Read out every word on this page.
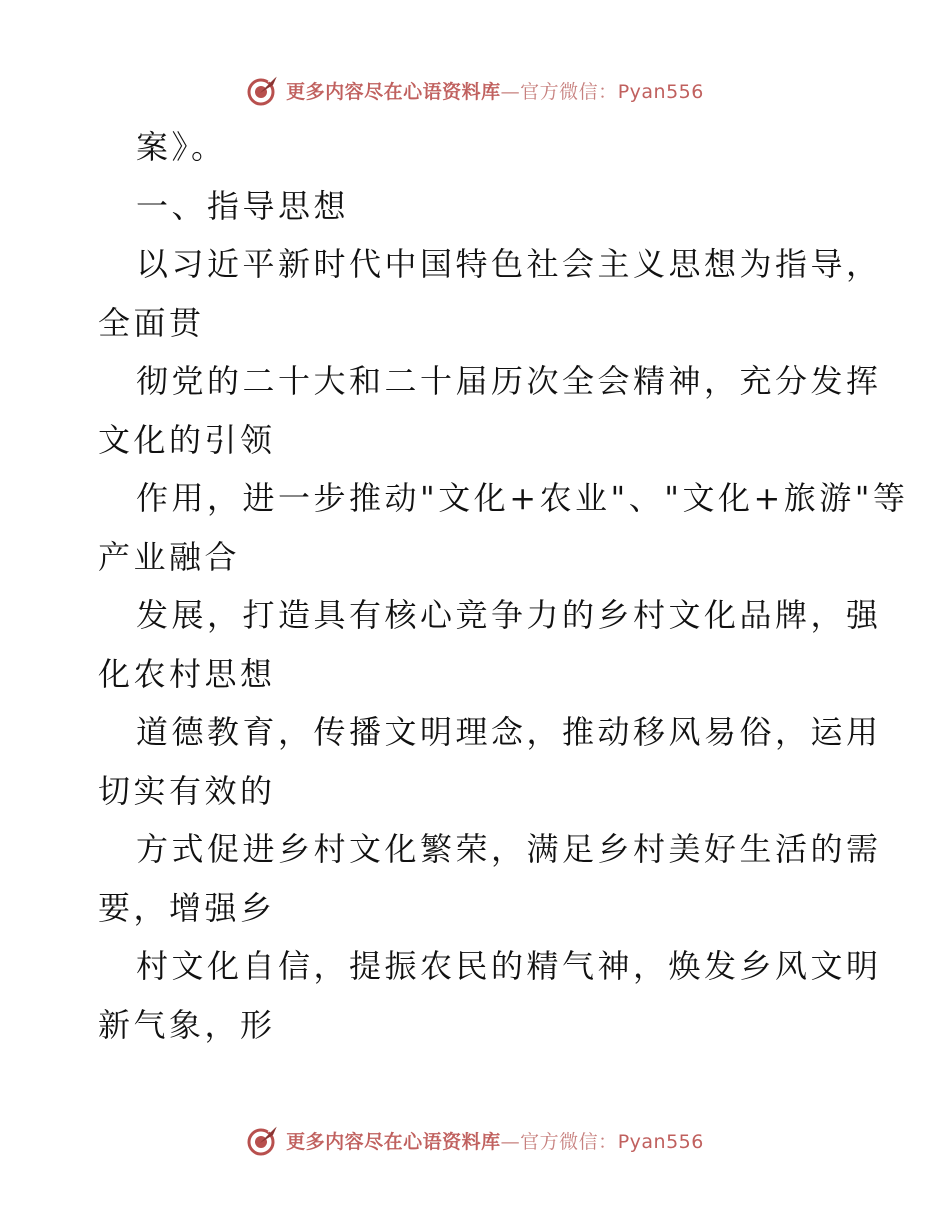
更多内容尽在心语资料库—官方微信：Pyan556
案》。
一、指导思想
以习近平新时代中国特色社会主义思想为指导，
全面贯
彻党的二十大和二十届历次全会精神，充分发挥
文化的引领
作用，进一步推动"文化+农业"、"文化+旅游"等
产业融合
发展，打造具有核心竞争力的乡村文化品牌，强
化农村思想
道德教育，传播文明理念，推动移风易俗，运用
切实有效的
方式促进乡村文化繁荣，满足乡村美好生活的需
要，增强乡
村文化自信，提振农民的精气神，焕发乡风文明
新气象，形
更多内容尽在心语资料库—官方微信：Pyan556
